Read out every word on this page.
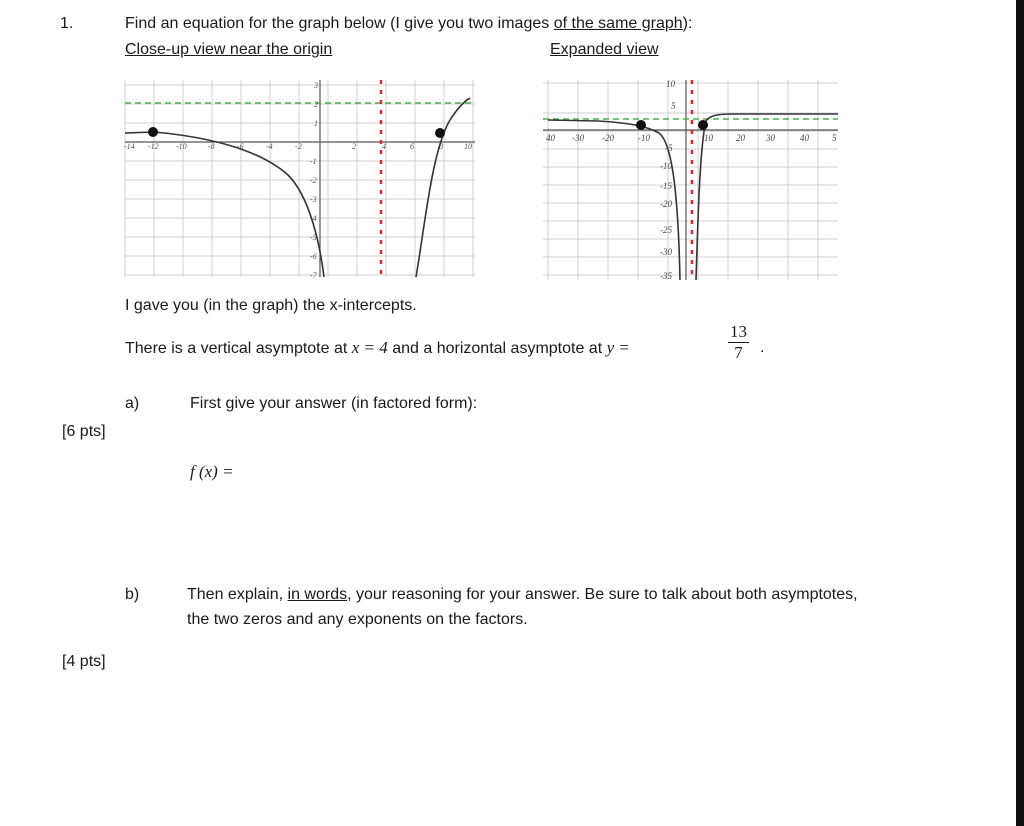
1.	Find an equation for the graph below (I give you two images of the same graph):
Close-up view near the origin	Expanded view
-14 -12 -10	-8	-6	-4	-2	2	4	6	8	10
3
2
1
-1
-2
-3
-4
-5
-6
-7
40 -30 -20	-10	10	20 30	40	5
10
5
-5
-10
-15
-20
-25
-30
-35
I gave you (in the graph) the x-intercepts.
There is a vertical asymptote at x = 4 and a horizontal asymptote at y =	$\frac{13}{7}$ .
a)	First give your answer (in factored form):
[6 pts]
f (x) =
b)	Then explain, in words, your reasoning for your answer. Be sure to talk about both asymptotes,
the two zeros and any exponents on the factors.
[4 pts]
